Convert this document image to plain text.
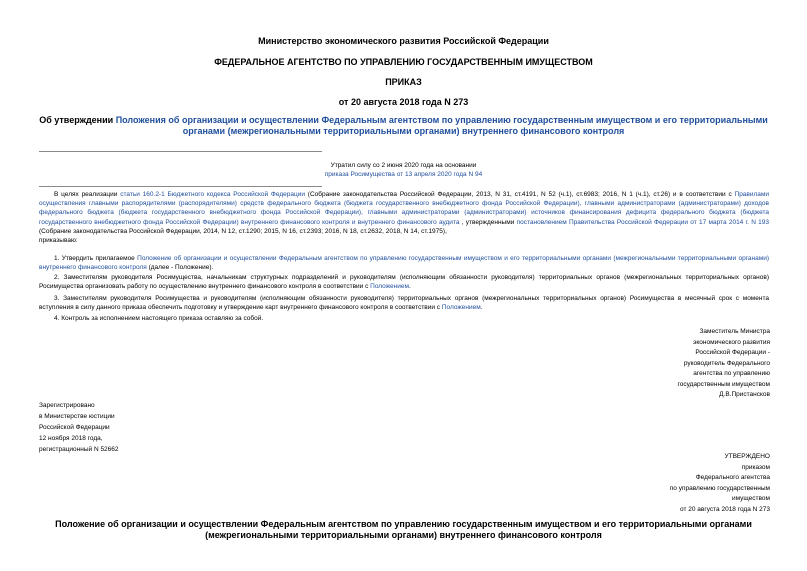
Министерство экономического развития Российской Федерации
ФЕДЕРАЛЬНОЕ АГЕНТСТВО ПО УПРАВЛЕНИЮ ГОСУДАРСТВЕННЫМ ИМУЩЕСТВОМ
ПРИКАЗ
от 20 августа 2018 года N 273
Об утверждении Положения об организации и осуществлении Федеральным агентством по управлению государственным имуществом и его территориальными органами (межрегиональными территориальными органами) внутреннего финансового контроля
Утратил силу со 2 июня 2020 года на основании
приказа Росимущества от 13 апреля 2020 года N 94
В целях реализации статьи 160.2-1 Бюджетного кодекса Российской Федерации (Собрание законодательства Российской Федерации, 2013, N 31, ст.4191, N 52 (ч.1), ст.6983; 2016, N 1 (ч.1), ст.26) и в соответствии с Правилами осуществления главными распорядителями (распорядителями) средств федерального бюджета (бюджета государственного внебюджетного фонда Российской Федерации), главными администраторами (администраторами) доходов федерального бюджета (бюджета государственного внебюджетного фонда Российской Федерации), главными администраторами (администраторами) источников финансирования дефицита федерального бюджета (бюджета государственного внебюджетного фонда Российской Федерации) внутреннего финансового контроля и внутреннего финансового аудита , утвержденными постановлением Правительства Российской Федерации от 17 марта 2014 г. N 193 (Собрание законодательства Российской Федерации, 2014, N 12, ст.1290; 2015, N 16, ст.2393; 2016, N 18, ст.2632, 2018, N 14, ст.1975),
приказываю:
1. Утвердить прилагаемое Положение об организации и осуществлении Федеральным агентством по управлению государственным имуществом и его территориальными органами (межрегиональными территориальными органами) внутреннего финансового контроля (далее - Положение).
2. Заместителям руководителя Росимущества, начальникам структурных подразделений и руководителям (исполняющим обязанности руководителя) территориальных органов (межрегиональных территориальных органов) Росимущества организовать работу по осуществлению внутреннего финансового контроля в соответствии с Положением.
3. Заместителям руководителя Росимущества и руководителям (исполняющим обязанности руководителя) территориальных органов (межрегиональных территориальных органов) Росимущества в месячный срок с момента вступления в силу данного приказа обеспечить подготовку и утверждение карт внутреннего финансового контроля в соответствии с Положением.
4. Контроль за исполнением настоящего приказа оставляю за собой.
Заместитель Министра
экономического развития
Российской Федерации -
руководитель Федерального
агентства по управлению
государственным имуществом
Д.В.Пристансков
Зарегистрировано
в Министерстве юстиции
Российской Федерации
12 ноября 2018 года,
регистрационный N 52662
УТВЕРЖДЕНО
приказом
Федерального агентства
по управлению государственным
имуществом
от 20 августа 2018 года N 273
Положение об организации и осуществлении Федеральным агентством по управлению государственным имуществом и его территориальными органами (межрегиональными территориальными органами) внутреннего финансового контроля
